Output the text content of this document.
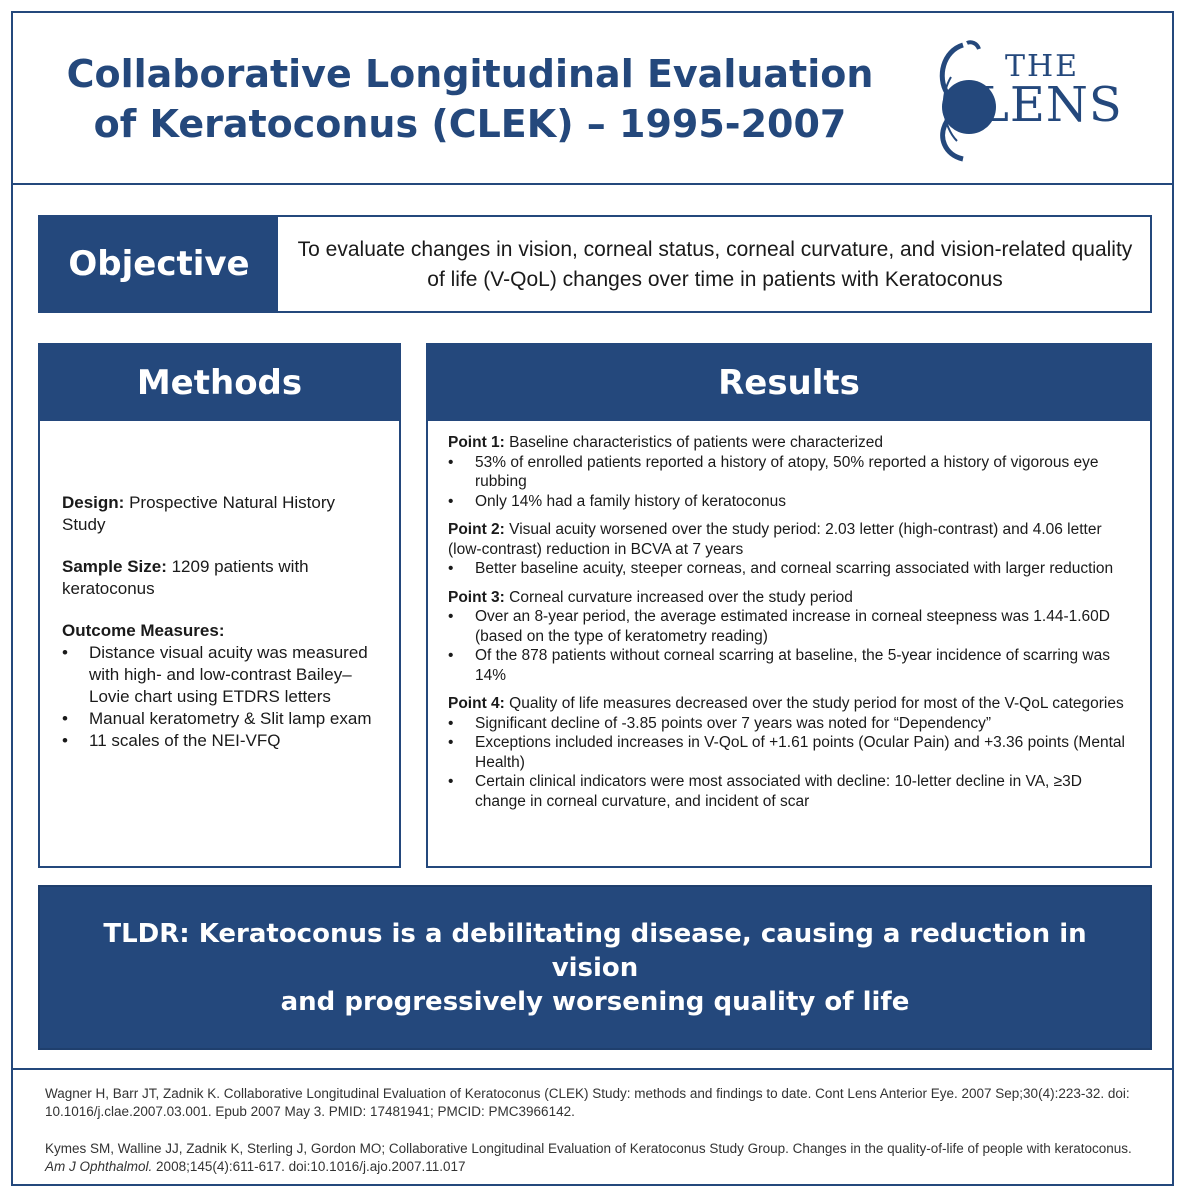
Collaborative Longitudinal Evaluation
of Keratoconus (CLEK) – 1995-2007
THE
LENS
Objective	To evaluate changes in vision, corneal status, corneal curvature, and vision-related quality of life (V-QoL) changes over time in patients with Keratoconus
Methods

Design: Prospective Natural History Study

Sample Size: 1209 patients with keratoconus

Outcome Measures:
• Distance visual acuity was measured with high- and low-contrast Bailey–Lovie chart using ETDRS letters
• Manual keratometry & Slit lamp exam
• 11 scales of the NEI-VFQ
Results
Point 1: Baseline characteristics of patients were characterized
• 53% of enrolled patients reported a history of atopy, 50% reported a history of vigorous eye rubbing
• Only 14% had a family history of keratoconus
Point 2: Visual acuity worsened over the study period: 2.03 letter (high-contrast) and 4.06 letter (low-contrast) reduction in BCVA at 7 years
• Better baseline acuity, steeper corneas, and corneal scarring associated with larger reduction
Point 3: Corneal curvature increased over the study period
• Over an 8-year period, the average estimated increase in corneal steepness was 1.44-1.60D (based on the type of keratometry reading)
• Of the 878 patients without corneal scarring at baseline, the 5-year incidence of scarring was 14%
Point 4: Quality of life measures decreased over the study period for most of the V-QoL categories
• Significant decline of -3.85 points over 7 years was noted for “Dependency”
• Exceptions included increases in V-QoL of +1.61 points (Ocular Pain) and +3.36 points (Mental Health)
• Certain clinical indicators were most associated with decline: 10-letter decline in VA, ≥3D change in corneal curvature, and incident of scar
TLDR: Keratoconus is a debilitating disease, causing a reduction in vision
and progressively worsening quality of life
Wagner H, Barr JT, Zadnik K. Collaborative Longitudinal Evaluation of Keratoconus (CLEK) Study: methods and findings to date. Cont Lens Anterior Eye. 2007 Sep;30(4):223-32. doi: 10.1016/j.clae.2007.03.001. Epub 2007 May 3. PMID: 17481941; PMCID: PMC3966142.
Kymes SM, Walline JJ, Zadnik K, Sterling J, Gordon MO; Collaborative Longitudinal Evaluation of Keratoconus Study Group. Changes in the quality-of-life of people with keratoconus. Am J Ophthalmol. 2008;145(4):611-617. doi:10.1016/j.ajo.2007.11.017
